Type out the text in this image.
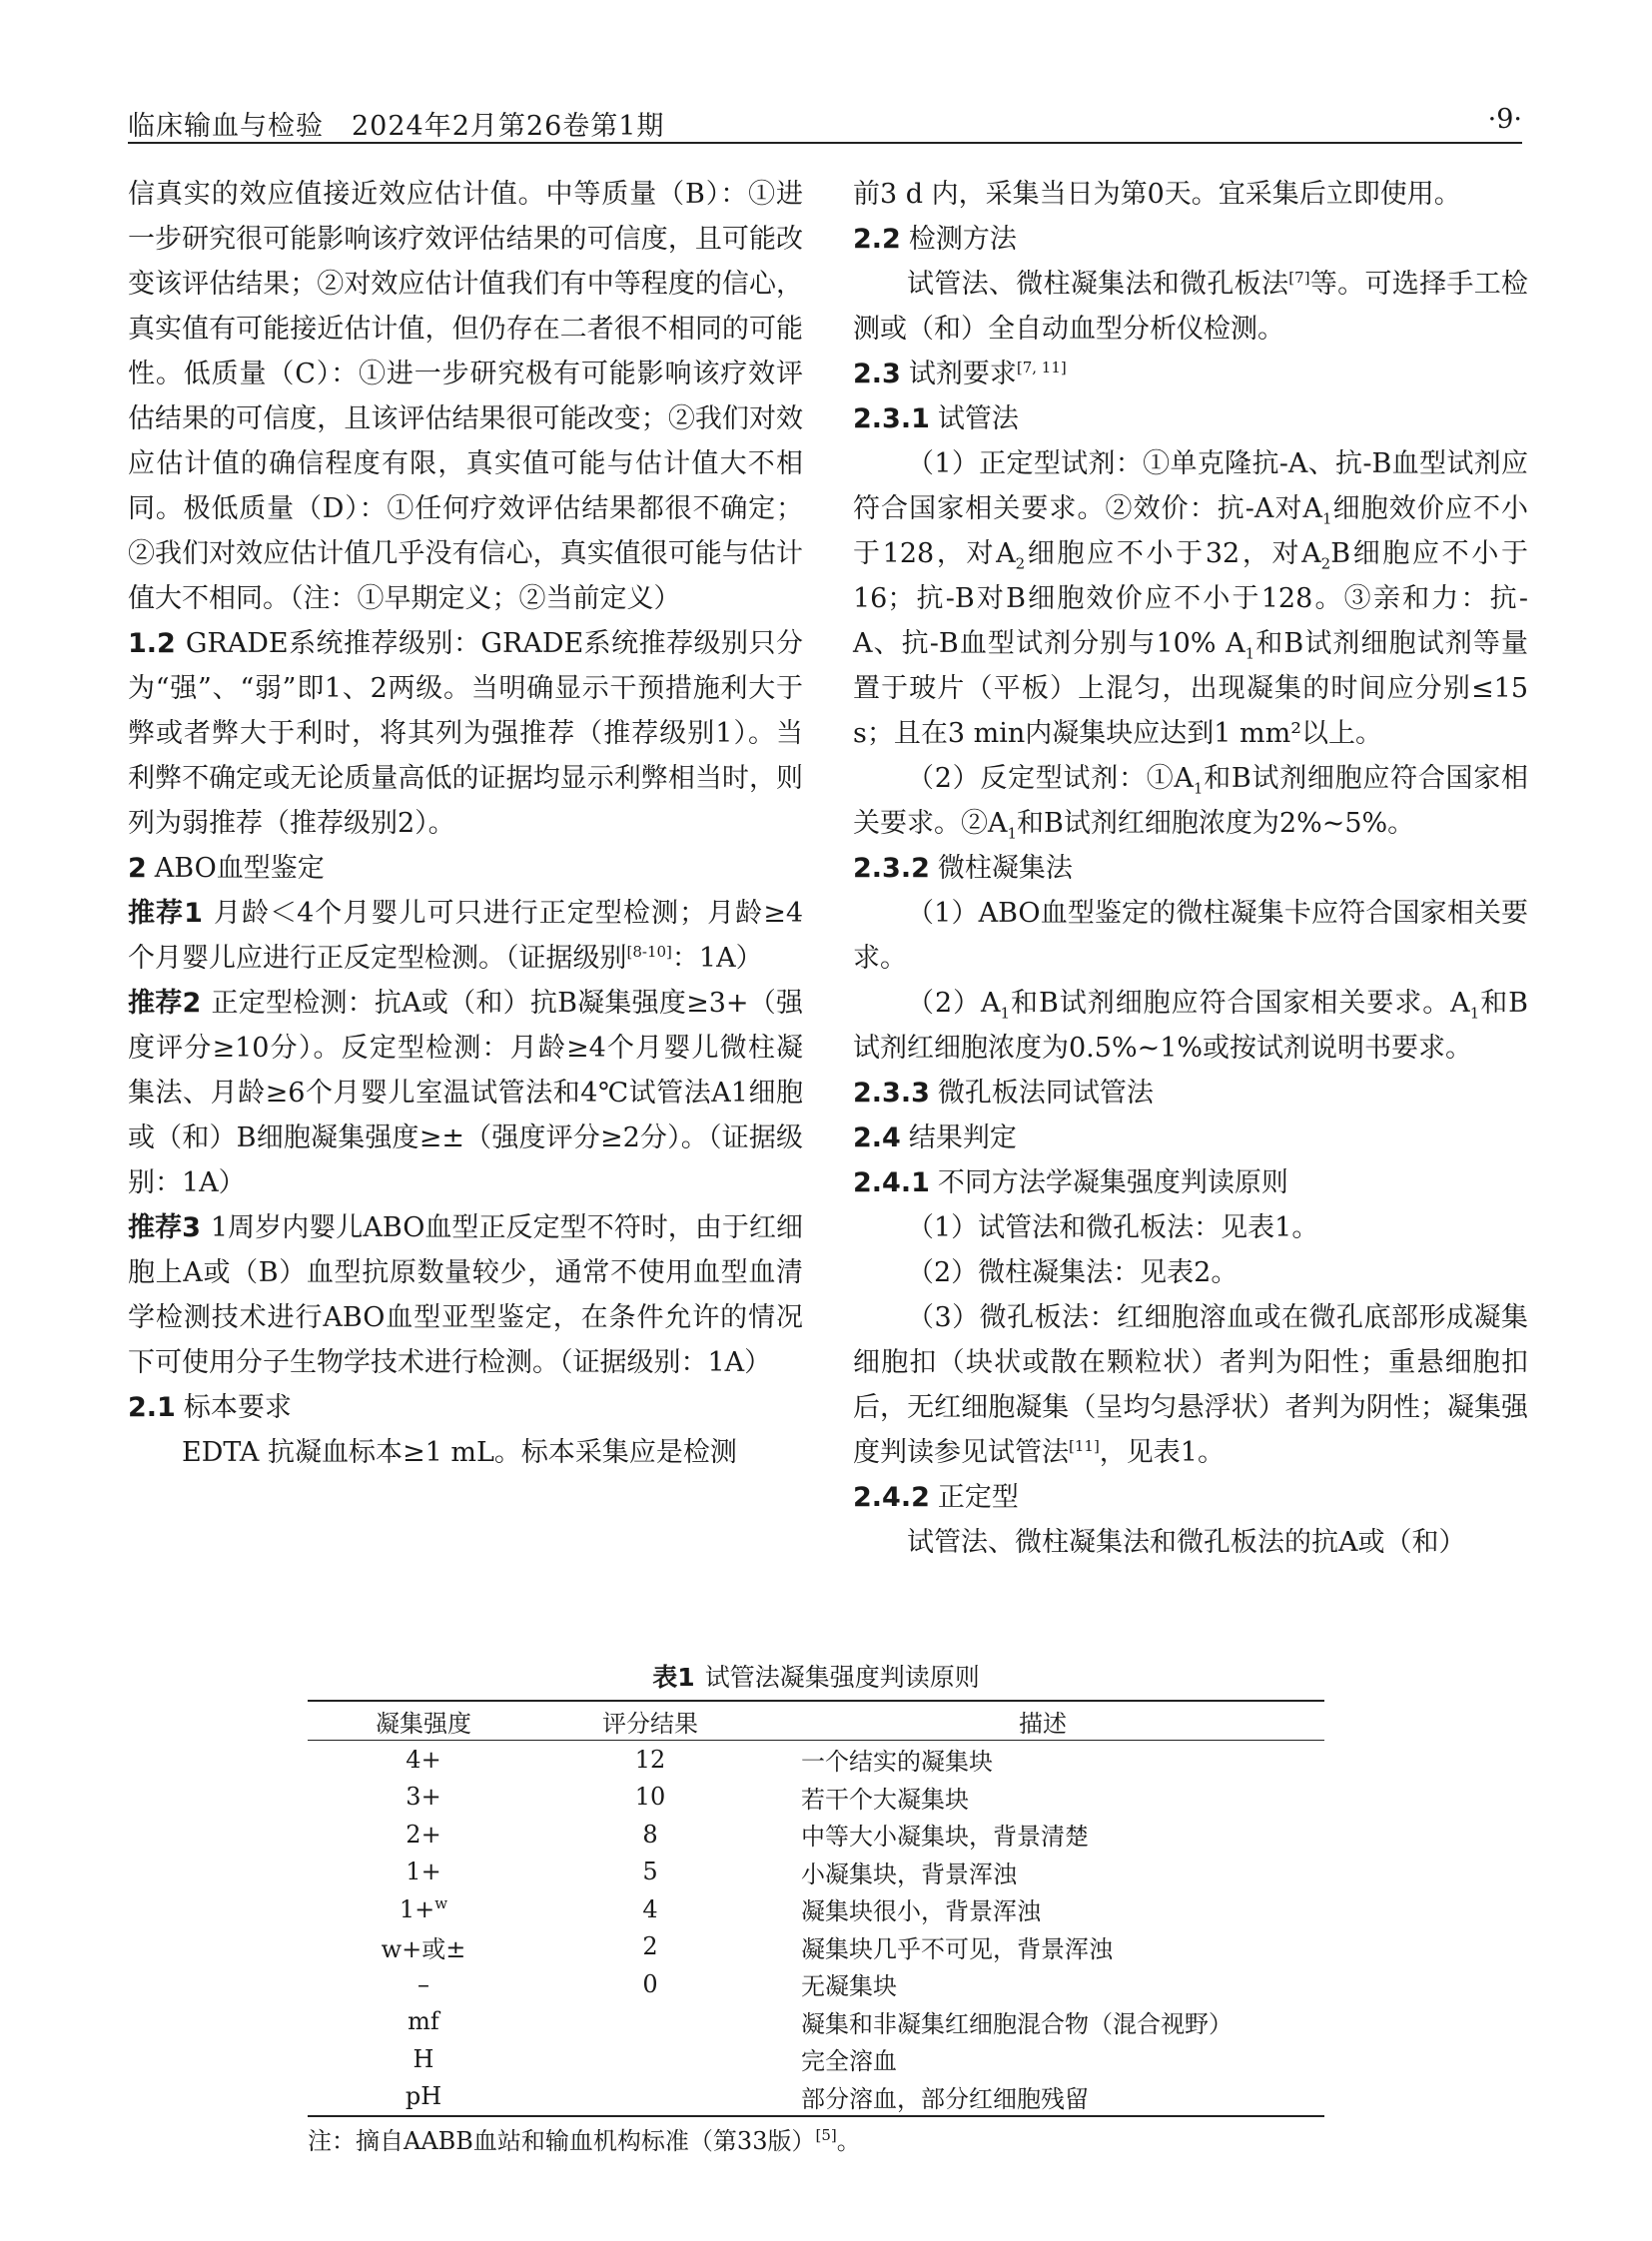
临床输血与检验　2024年2月第26卷第1期	·9·

信真实的效应值接近效应估计值。中等质量（B）：①进一步研究很可能影响该疗效评估结果的可信度，且可能改变该评估结果；②对效应估计值我们有中等程度的信心，真实值有可能接近估计值，但仍存在二者很不相同的可能性。低质量（C）：①进一步研究极有可能影响该疗效评估结果的可信度，且该评估结果很可能改变；②我们对效应估计值的确信程度有限，真实值可能与估计值大不相同。极低质量（D）：①任何疗效评估结果都很不确定；②我们对效应估计值几乎没有信心，真实值很可能与估计值大不相同。（注：①早期定义；②当前定义）

1.2 GRADE系统推荐级别：GRADE系统推荐级别只分为“强”、“弱”即1、2两级。当明确显示干预措施利大于弊或者弊大于利时，将其列为强推荐（推荐级别1）。当利弊不确定或无论质量高低的证据均显示利弊相当时，则列为弱推荐（推荐级别2）。

2 ABO血型鉴定

推荐1 月龄＜4个月婴儿可只进行正定型检测；月龄≥4个月婴儿应进行正反定型检测。（证据级别[8-10]：1A）

推荐2 正定型检测：抗A或（和）抗B凝集强度≥3+（强度评分≥10分）。反定型检测：月龄≥4个月婴儿微柱凝集法、月龄≥6个月婴儿室温试管法和4℃试管法A1细胞或（和）B细胞凝集强度≥±（强度评分≥2分）。（证据级别：1A）

推荐3 1周岁内婴儿ABO血型正反定型不符时，由于红细胞上A或（B）血型抗原数量较少，通常不使用血型血清学检测技术进行ABO血型亚型鉴定，在条件允许的情况下可使用分子生物学技术进行检测。（证据级别：1A）

2.1 标本要求

EDTA 抗凝血标本≥1 mL。标本采集应是检测

前3 d 内，采集当日为第0天。宜采集后立即使用。

2.2 检测方法

试管法、微柱凝集法和微孔板法[7]等。可选择手工检测或（和）全自动血型分析仪检测。

2.3 试剂要求[7, 11]
2.3.1 试管法

（1）正定型试剂：①单克隆抗-A、抗-B血型试剂应符合国家相关要求。②效价：抗-A对$A_1$细胞效价应不小于128，对$A_2$细胞应不小于32，对$A_2B$细胞应不小于16；抗-B对B细胞效价应不小于128。③亲和力：抗-A、抗-B血型试剂分别与10% $A_1$和B试剂细胞试剂等量置于玻片（平板）上混匀，出现凝集的时间应分别≤15 s；且在3 min内凝集块应达到1 mm²以上。

（2）反定型试剂：$①A_1$和B试剂细胞应符合国家相关要求。$②A_1$和B试剂红细胞浓度为2%~5%。

2.3.2 微柱凝集法

（1）ABO血型鉴定的微柱凝集卡应符合国家相关要求。

$(2)A_1$和B试剂细胞应符合国家相关要求。$A_1$和B试剂红细胞浓度为0.5%~1%或按试剂说明书要求。

2.3.3 微孔板法同试管法
2.4 结果判定
2.4.1 不同方法学凝集强度判读原则

（1）试管法和微孔板法：见表1。

（2）微柱凝集法：见表2。

（3）微孔板法：红细胞溶血或在微孔底部形成凝集细胞扣（块状或散在颗粒状）者判为阳性；重悬细胞扣后，无红细胞凝集（呈均匀悬浮状）者判为阴性；凝集强度判读参见试管法[11]，见表1。

2.4.2 正定型

试管法、微柱凝集法和微孔板法的抗A或（和）

表1 试管法凝集强度判读原则
凝集强度	评分结果	描述
4+	12	一个结实的凝集块
3+	10	若干个大凝集块
2+	8	中等大小凝集块，背景清楚
1+	5	小凝集块，背景浑浊
1+$^w$	4	凝集块很小，背景浑浊
w+或±	2	凝集块几乎不可见，背景浑浊
–	0	无凝集块
mf		凝集和非凝集红细胞混合物（混合视野）
H		完全溶血
pH		部分溶血，部分红细胞残留
注：摘自AABB血站和输血机构标准（第33版）[5]。
